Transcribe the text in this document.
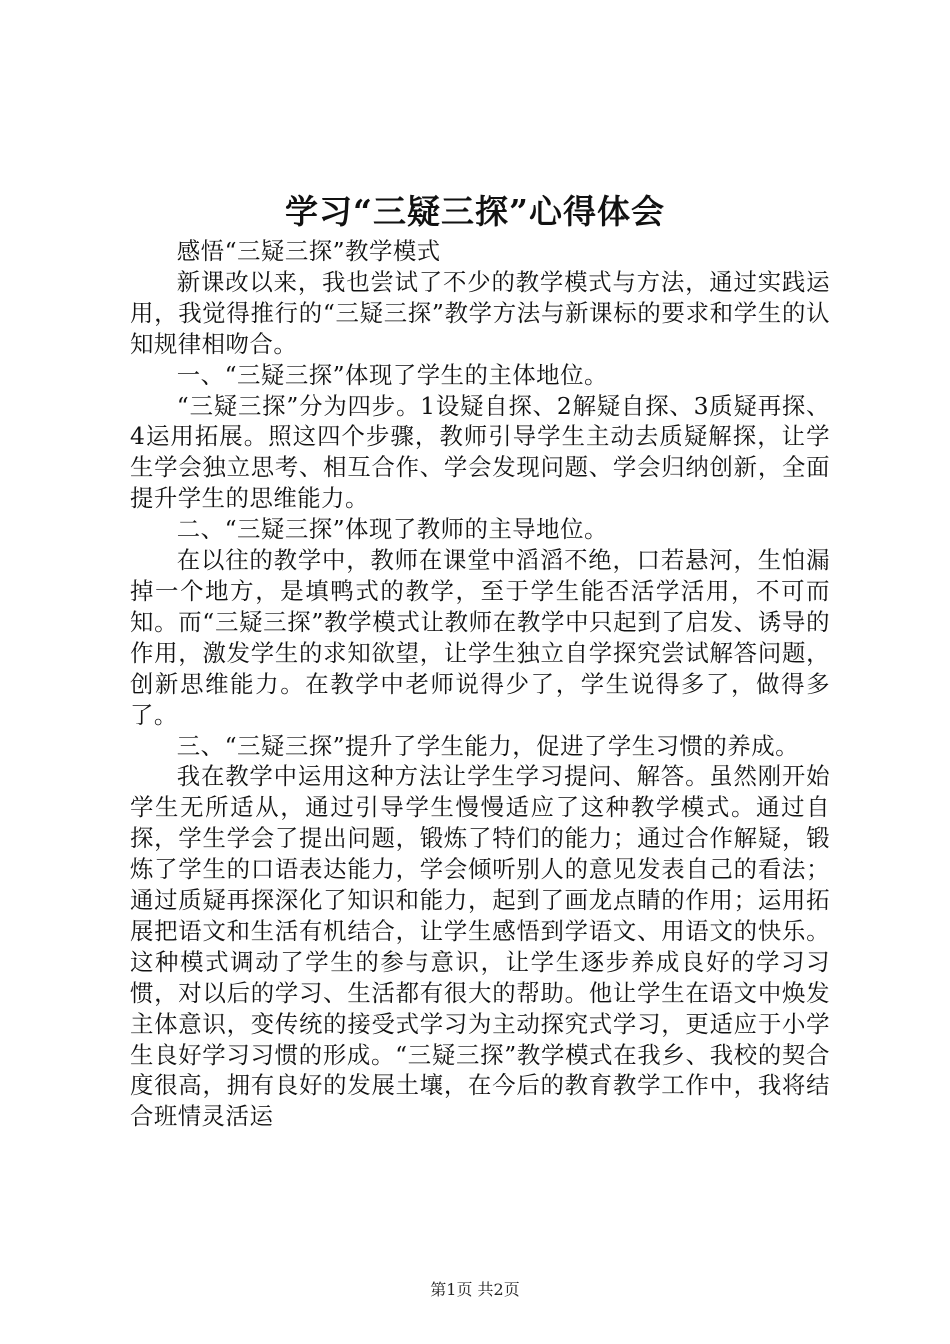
学习“三疑三探”心得体会

感悟“三疑三探”教学模式

新课改以来，我也尝试了不少的教学模式与方法，通过实践运用，我觉得推行的“三疑三探”教学方法与新课标的要求和学生的认知规律相吻合。

一、“三疑三探”体现了学生的主体地位。

“三疑三探”分为四步。1设疑自探、2解疑自探、3质疑再探、4运用拓展。照这四个步骤，教师引导学生主动去质疑解探，让学生学会独立思考、相互合作、学会发现问题、学会归纳创新，全面提升学生的思维能力。

二、“三疑三探”体现了教师的主导地位。

在以往的教学中，教师在课堂中滔滔不绝，口若悬河，生怕漏掉一个地方，是填鸭式的教学，至于学生能否活学活用，不可而知。而“三疑三探”教学模式让教师在教学中只起到了启发、诱导的作用，激发学生的求知欲望，让学生独立自学探究尝试解答问题，创新思维能力。在教学中老师说得少了，学生说得多了，做得多了。

三、“三疑三探”提升了学生能力，促进了学生习惯的养成。

我在教学中运用这种方法让学生学习提问、解答。虽然刚开始学生无所适从，通过引导学生慢慢适应了这种教学模式。通过自探，学生学会了提出问题，锻炼了特们的能力；通过合作解疑，锻炼了学生的口语表达能力，学会倾听别人的意见发表自己的看法；通过质疑再探深化了知识和能力，起到了画龙点睛的作用；运用拓展把语文和生活有机结合，让学生感悟到学语文、用语文的快乐。这种模式调动了学生的参与意识，让学生逐步养成良好的学习习惯，对以后的学习、生活都有很大的帮助。他让学生在语文中焕发主体意识，变传统的接受式学习为主动探究式学习，更适应于小学生良好学习习惯的形成。“三疑三探”教学模式在我乡、我校的契合度很高，拥有良好的发展土壤，在今后的教育教学工作中，我将结合班情灵活运

第1页 共2页
